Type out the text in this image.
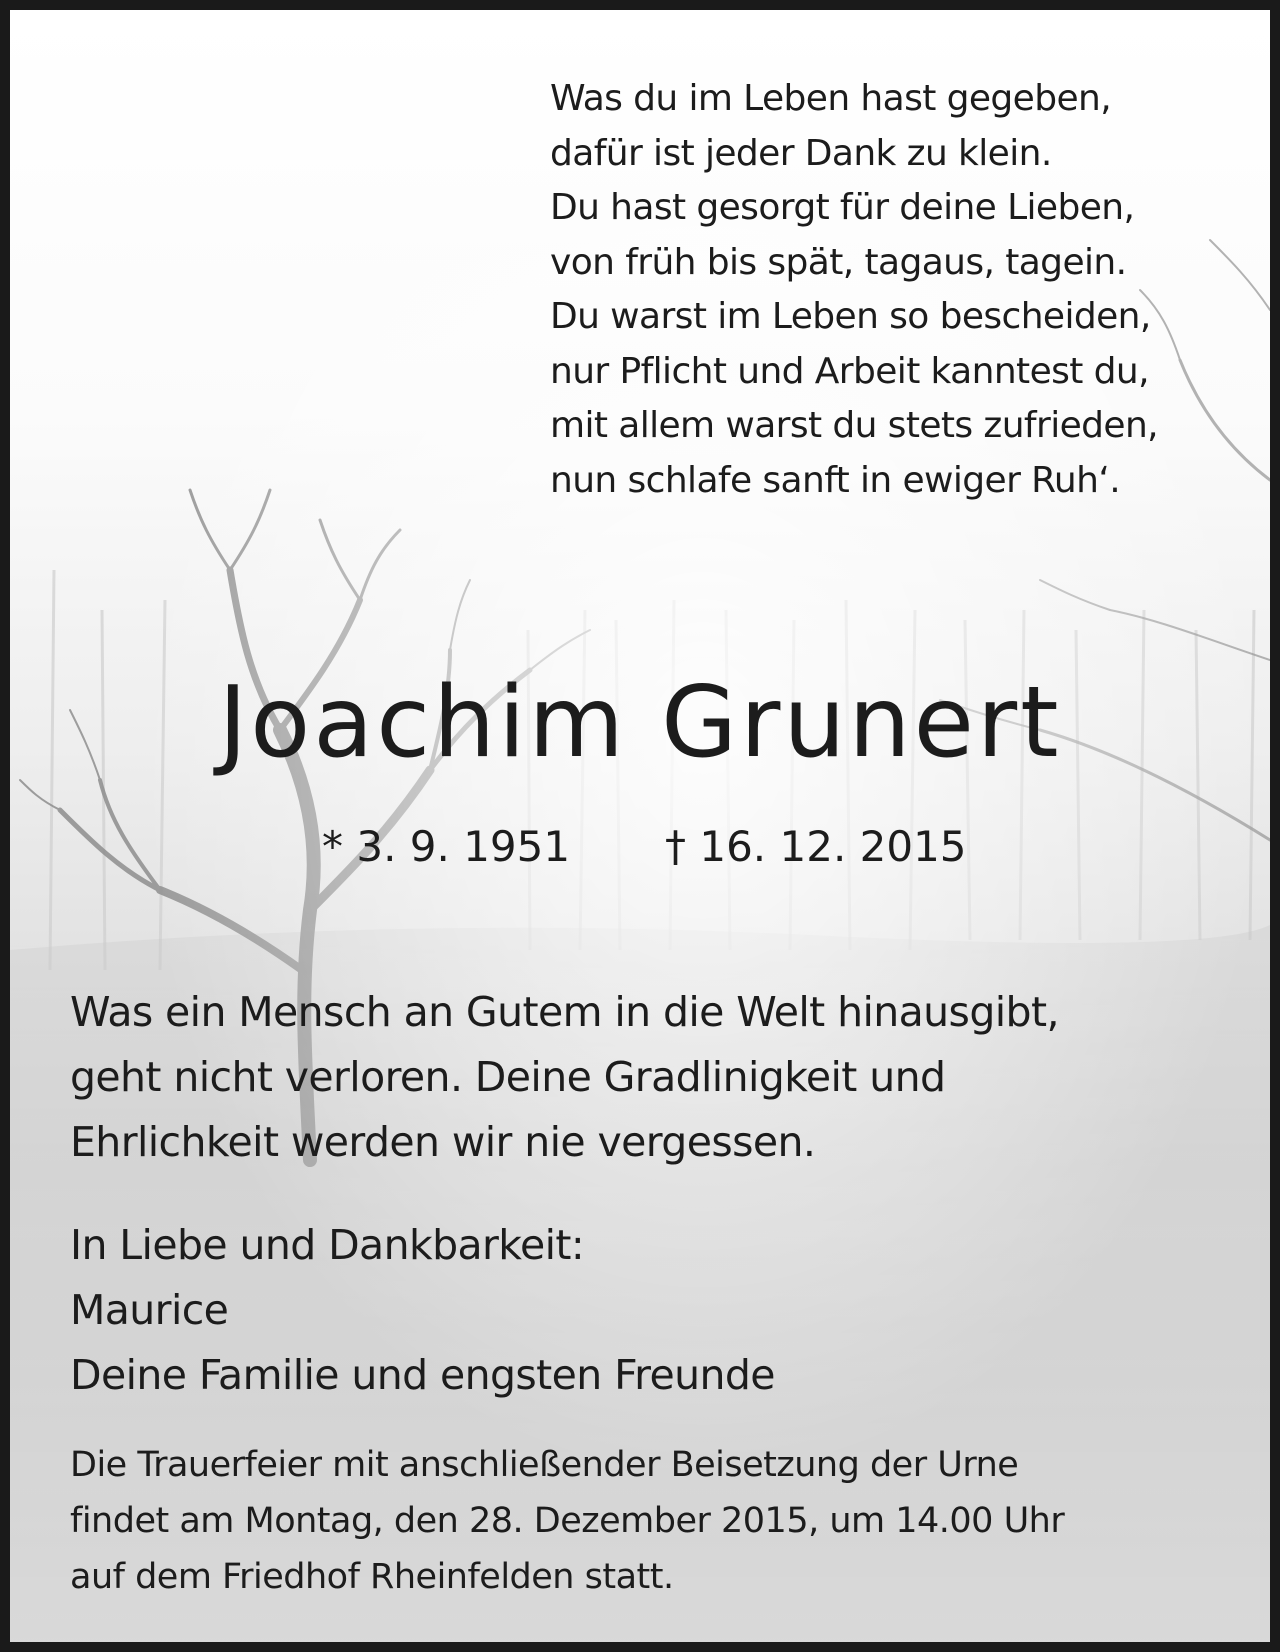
Was du im Leben hast gegeben,
dafür ist jeder Dank zu klein.
Du hast gesorgt für deine Lieben,
von früh bis spät, tagaus, tagein.
Du warst im Leben so bescheiden,
nur Pflicht und Arbeit kanntest du,
mit allem warst du stets zufrieden,
nun schlafe sanft in ewiger Ruh‘.
Joachim Grunert
* 3. 9. 1951 † 16. 12. 2015
Was ein Mensch an Gutem in die Welt hinausgibt,
geht nicht verloren. Deine Gradlinigkeit und
Ehrlichkeit werden wir nie vergessen.
In Liebe und Dankbarkeit:
Maurice
Deine Familie und engsten Freunde
Die Trauerfeier mit anschließender Beisetzung der Urne
findet am Montag, den 28. Dezember 2015, um 14.00 Uhr
auf dem Friedhof Rheinfelden statt.
